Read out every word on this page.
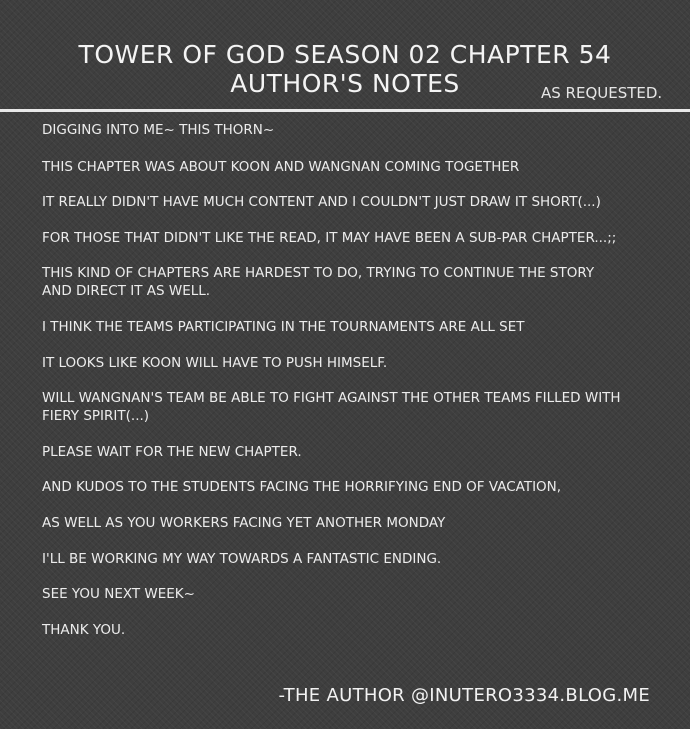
TOWER OF GOD SEASON 02 CHAPTER 54
AUTHOR'S NOTES	AS REQUESTED.

DIGGING INTO ME~ THIS THORN~

THIS CHAPTER WAS ABOUT KOON AND WANGNAN COMING TOGETHER

IT REALLY DIDN'T HAVE MUCH CONTENT AND I COULDN'T JUST DRAW IT SHORT(...)

FOR THOSE THAT DIDN'T LIKE THE READ, IT MAY HAVE BEEN A SUB-PAR CHAPTER...;;

THIS KIND OF CHAPTERS ARE HARDEST TO DO, TRYING TO CONTINUE THE STORY

AND DIRECT IT AS WELL.

I THINK THE TEAMS PARTICIPATING IN THE TOURNAMENTS ARE ALL SET

IT LOOKS LIKE KOON WILL HAVE TO PUSH HIMSELF.

WILL WANGNAN'S TEAM BE ABLE TO FIGHT AGAINST THE OTHER TEAMS FILLED WITH

FIERY SPIRIT(...)

PLEASE WAIT FOR THE NEW CHAPTER.

AND KUDOS TO THE STUDENTS FACING THE HORRIFYING END OF VACATION,

AS WELL AS YOU WORKERS FACING YET ANOTHER MONDAY

I'LL BE WORKING MY WAY TOWARDS A FANTASTIC ENDING.

SEE YOU NEXT WEEK~

THANK YOU.

-THE AUTHOR @INUTERO3334.BLOG.ME
